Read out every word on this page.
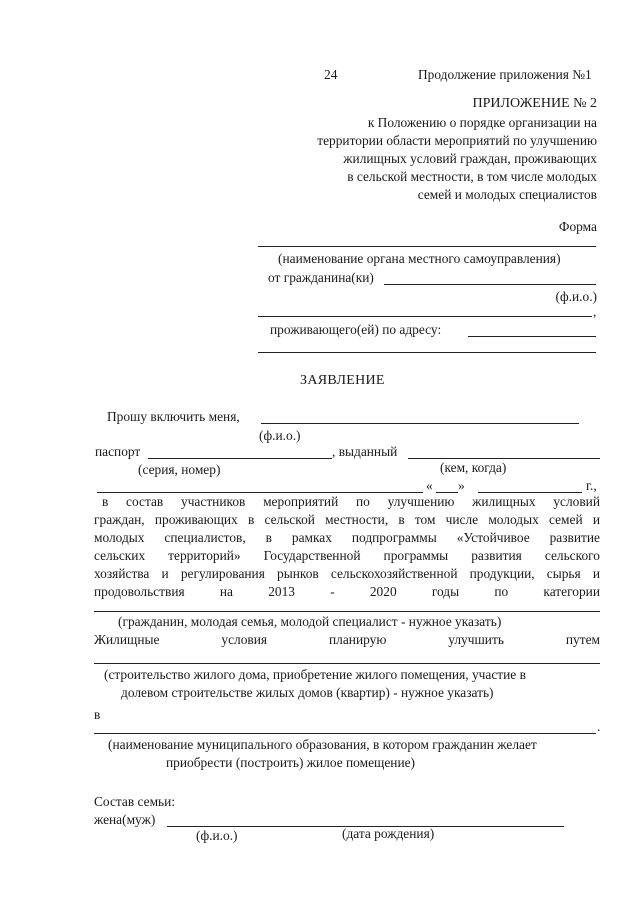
24	Продолжение приложения №1
ПРИЛОЖЕНИЕ № 2
к Положению о порядке организации на
территории области мероприятий по улучшению
жилищных условий граждан, проживающих
в сельской местности, в том числе молодых
семей и молодых специалистов
Форма
(наименование органа местного самоуправления)
от гражданина(ки)
(ф.и.о.)
,
проживающего(ей) по адресу:
ЗАЯВЛЕНИЕ
Прошу включить меня,
(ф.и.о.)
паспорт	, выданный
(серия, номер)	(кем, когда)
« »	г.,
в состав участников мероприятий по улучшению жилищных условий
граждан, проживающих в сельской местности, в том числе молодых семей и
молодых специалистов, в рамках подпрограммы «Устойчивое развитие
сельских территорий» Государственной программы развития сельского
хозяйства и регулирования рынков сельскохозяйственной продукции, сырья и
продовольствия	на	2013	-	2020	годы	по	категории
(гражданин, молодая семья, молодой специалист - нужное указать)
Жилищные	условия	планирую	улучшить	путем
(строительство жилого дома, приобретение жилого помещения, участие в
долевом строительстве жилых домов (квартир) - нужное указать)
в
.
(наименование муниципального образования, в котором гражданин желает
приобрести (построить) жилое помещение)
Состав семьи:
жена(муж)
(ф.и.о.)	(дата рождения)
